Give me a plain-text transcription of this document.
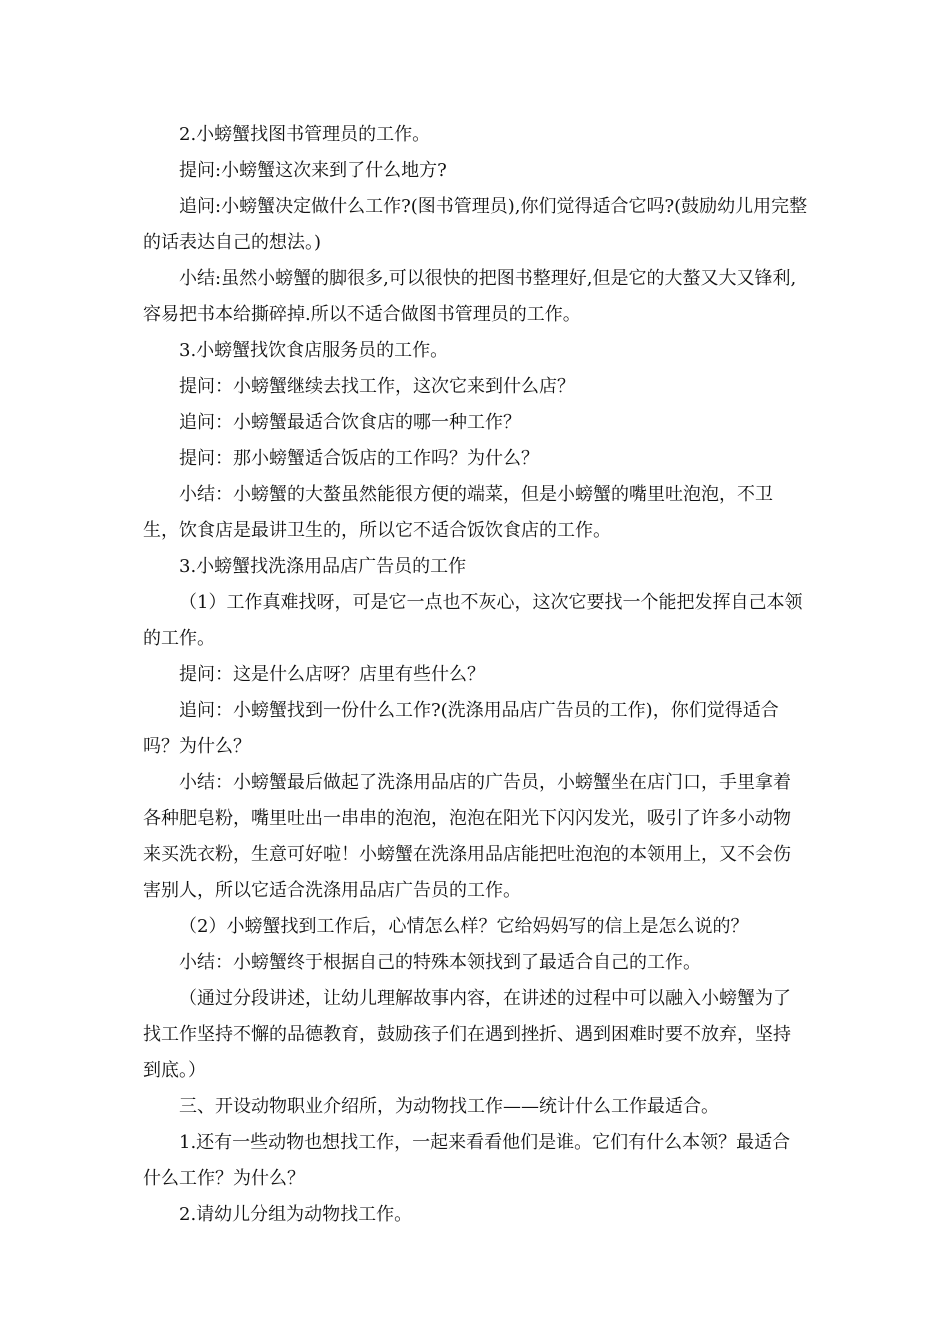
2.小螃蟹找图书管理员的工作。

提问:小螃蟹这次来到了什么地方?

追问:小螃蟹决定做什么工作?(图书管理员),你们觉得适合它吗?(鼓励幼儿用完整的话表达自己的想法。)

小结:虽然小螃蟹的脚很多,可以很快的把图书整理好,但是它的大螯又大又锋利,容易把书本给撕碎掉.所以不适合做图书管理员的工作。

3.小螃蟹找饮食店服务员的工作。

提问：小螃蟹继续去找工作，这次它来到什么店？

追问：小螃蟹最适合饮食店的哪一种工作？

提问：那小螃蟹适合饭店的工作吗？为什么？

小结：小螃蟹的大螯虽然能很方便的端菜，但是小螃蟹的嘴里吐泡泡，不卫生，饮食店是最讲卫生的，所以它不适合饭饮食店的工作。

3.小螃蟹找洗涤用品店广告员的工作

（1）工作真难找呀，可是它一点也不灰心，这次它要找一个能把发挥自己本领的工作。

提问：这是什么店呀？店里有些什么？

追问：小螃蟹找到一份什么工作?(洗涤用品店广告员的工作)，你们觉得适合吗？为什么？

小结：小螃蟹最后做起了洗涤用品店的广告员，小螃蟹坐在店门口，手里拿着各种肥皂粉，嘴里吐出一串串的泡泡，泡泡在阳光下闪闪发光，吸引了许多小动物来买洗衣粉，生意可好啦！小螃蟹在洗涤用品店能把吐泡泡的本领用上，又不会伤害别人，所以它适合洗涤用品店广告员的工作。

（2）小螃蟹找到工作后，心情怎么样？它给妈妈写的信上是怎么说的？

小结：小螃蟹终于根据自己的特殊本领找到了最适合自己的工作。

（通过分段讲述，让幼儿理解故事内容，在讲述的过程中可以融入小螃蟹为了找工作坚持不懈的品德教育，鼓励孩子们在遇到挫折、遇到困难时要不放弃，坚持到底。）

三、开设动物职业介绍所，为动物找工作——统计什么工作最适合。

1.还有一些动物也想找工作，一起来看看他们是谁。它们有什么本领？最适合什么工作？为什么？

2.请幼儿分组为动物找工作。
